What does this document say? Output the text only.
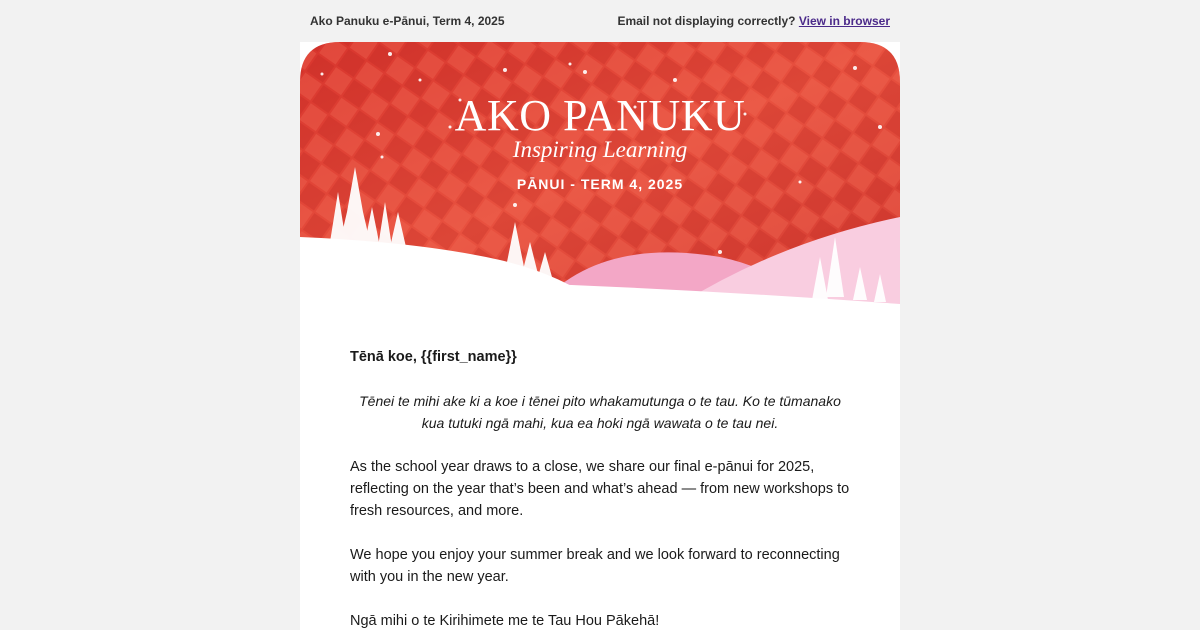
Ako Panuku e-Pānui, Term 4, 2025	Email not displaying correctly? View in browser
AKO PANUKU
Inspiring Learning
PĀNUI - TERM 4, 2025

Tēnā koe, {{first_name}}

Tēnei te mihi ake ki a koe i tēnei pito whakamutunga o te tau. Ko te tūmanako kua tutuki ngā mahi, kua ea hoki ngā wawata o te tau nei.

As the school year draws to a close, we share our final e-pānui for 2025, reflecting on the year that’s been and what’s ahead — from new workshops to fresh resources, and more.

We hope you enjoy your summer break and we look forward to reconnecting with you in the new year.

Ngā mihi o te Kirihimete me te Tau Hou Pākehā!
